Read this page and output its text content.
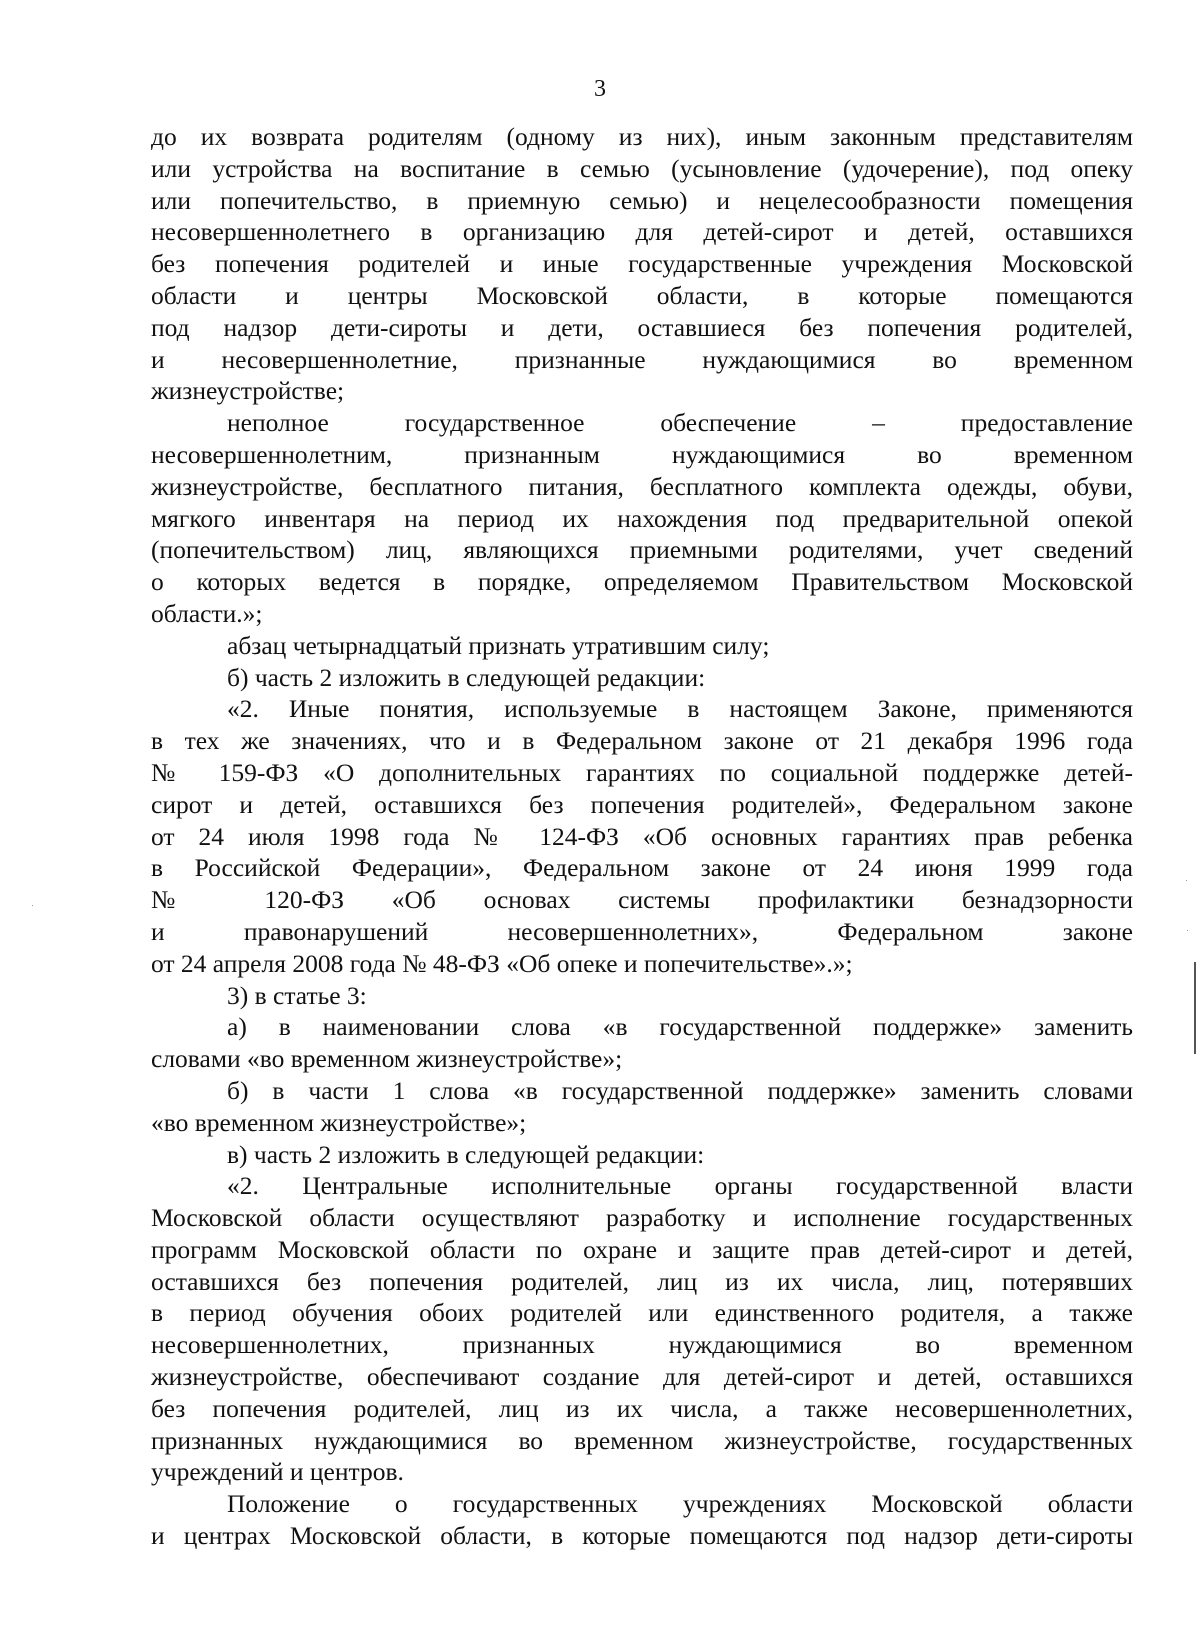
3
до их возврата родителям (одному из них), иным законным представителям
или устройства на воспитание в семью (усыновление (удочерение), под опеку
или попечительство, в приемную семью) и нецелесообразности помещения
несовершеннолетнего в организацию для детей-сирот и детей, оставшихся
без попечения родителей и иные государственные учреждения Московской
области и центры Московской области, в которые помещаются
под надзор дети-сироты и дети, оставшиеся без попечения родителей,
и несовершеннолетние, признанные нуждающимися во временном
жизнеустройстве;
неполное государственное обеспечение – предоставление
несовершеннолетним, признанным нуждающимися во временном
жизнеустройстве, бесплатного питания, бесплатного комплекта одежды, обуви,
мягкого инвентаря на период их нахождения под предварительной опекой
(попечительством) лиц, являющихся приемными родителями, учет сведений
о которых ведется в порядке, определяемом Правительством Московской
области.»;
абзац четырнадцатый признать утратившим силу;
б) часть 2 изложить в следующей редакции:
«2. Иные понятия, используемые в настоящем Законе, применяются
в тех же значениях, что и в Федеральном законе от 21 декабря 1996 года
№ 159-ФЗ «О дополнительных гарантиях по социальной поддержке детей-
сирот и детей, оставшихся без попечения родителей», Федеральном законе
от 24 июля 1998 года № 124-ФЗ «Об основных гарантиях прав ребенка
в Российской Федерации», Федеральном законе от 24 июня 1999 года
№ 120-ФЗ «Об основах системы профилактики безнадзорности
и правонарушений несовершеннолетних», Федеральном законе
от 24 апреля 2008 года № 48-ФЗ «Об опеке и попечительстве».»;
3) в статье 3:
а) в наименовании слова «в государственной поддержке» заменить
словами «во временном жизнеустройстве»;
б) в части 1 слова «в государственной поддержке» заменить словами
«во временном жизнеустройстве»;
в) часть 2 изложить в следующей редакции:
«2. Центральные исполнительные органы государственной власти
Московской области осуществляют разработку и исполнение государственных
программ Московской области по охране и защите прав детей-сирот и детей,
оставшихся без попечения родителей, лиц из их числа, лиц, потерявших
в период обучения обоих родителей или единственного родителя, а также
несовершеннолетних, признанных нуждающимися во временном
жизнеустройстве, обеспечивают создание для детей-сирот и детей, оставшихся
без попечения родителей, лиц из их числа, а также несовершеннолетних,
признанных нуждающимися во временном жизнеустройстве, государственных
учреждений и центров.
Положение о государственных учреждениях Московской области
и центрах Московской области, в которые помещаются под надзор дети-сироты
